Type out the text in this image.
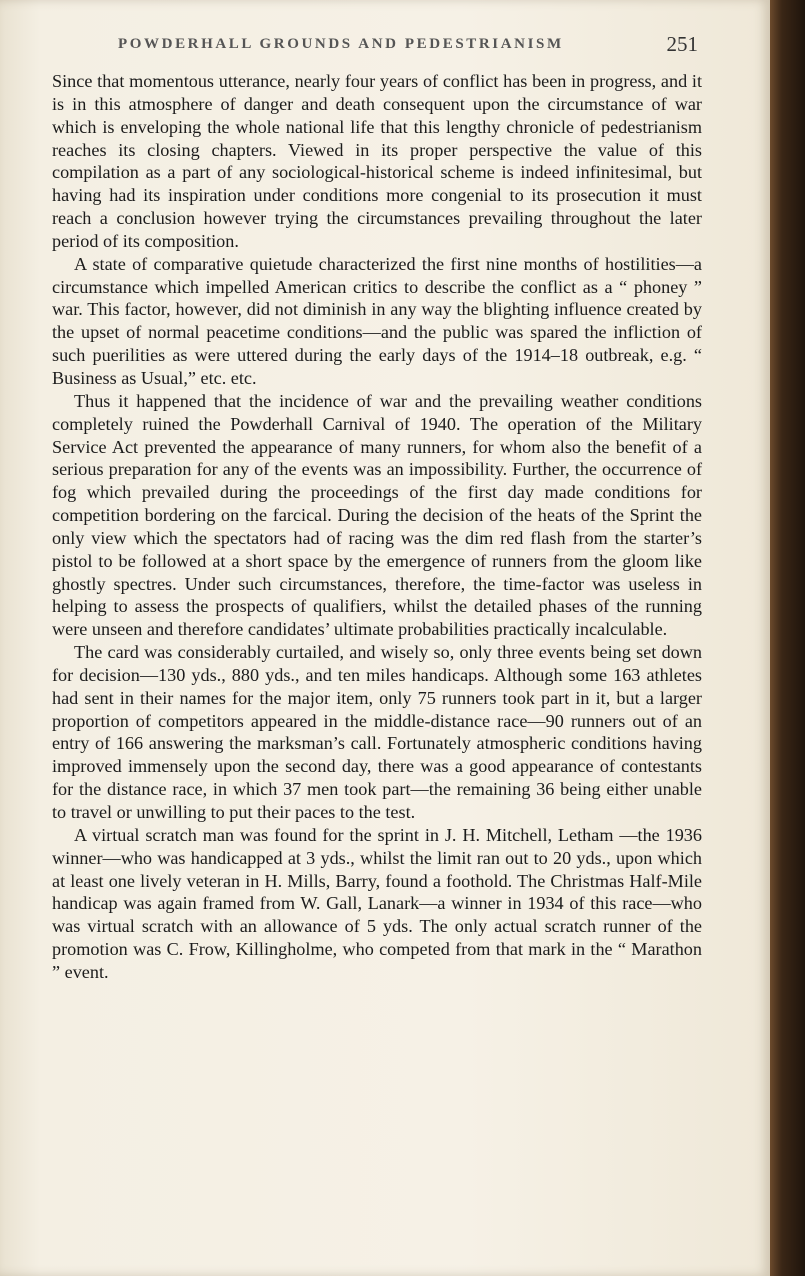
POWDERHALL GROUNDS AND PEDESTRIANISM	251

Since that momentous utterance, nearly four years of conflict has been in progress, and it is in this atmosphere of danger and death consequent upon the circumstance of war which is enveloping the whole national life that this lengthy chronicle of pedestrianism reaches its closing chapters. Viewed in its proper perspective the value of this compilation as a part of any sociological-historical scheme is indeed infinitesimal, but having had its inspiration under conditions more congenial to its prosecution it must reach a conclusion however trying the circumstances prevailing throughout the later period of its composition.

A state of comparative quietude characterized the first nine months of hostilities—a circumstance which impelled American critics to describe the conflict as a “ phoney ” war. This factor, however, did not diminish in any way the blighting influence created by the upset of normal peacetime conditions—and the public was spared the infliction of such puerilities as were uttered during the early days of the 1914–18 outbreak, e.g. “ Business as Usual,” etc. etc.

Thus it happened that the incidence of war and the prevailing weather conditions completely ruined the Powderhall Carnival of 1940. The operation of the Military Service Act prevented the appearance of many runners, for whom also the benefit of a serious preparation for any of the events was an impossibility. Further, the occurrence of fog which prevailed during the proceedings of the first day made conditions for competition bordering on the farcical. During the decision of the heats of the Sprint the only view which the spectators had of racing was the dim red flash from the starter’s pistol to be followed at a short space by the emergence of runners from the gloom like ghostly spectres. Under such circumstances, therefore, the time-factor was useless in helping to assess the prospects of qualifiers, whilst the detailed phases of the running were unseen and therefore candidates’ ultimate probabilities practically incalculable.

The card was considerably curtailed, and wisely so, only three events being set down for decision—130 yds., 880 yds., and ten miles handicaps. Although some 163 athletes had sent in their names for the major item, only 75 runners took part in it, but a larger proportion of competitors appeared in the middle-distance race—90 runners out of an entry of 166 answering the marksman’s call. Fortunately atmospheric conditions having improved immensely upon the second day, there was a good appearance of contestants for the distance race, in which 37 men took part—the remaining 36 being either unable to travel or unwilling to put their paces to the test.

A virtual scratch man was found for the sprint in J. H. Mitchell, Letham —the 1936 winner—who was handicapped at 3 yds., whilst the limit ran out to 20 yds., upon which at least one lively veteran in H. Mills, Barry, found a foothold. The Christmas Half-Mile handicap was again framed from W. Gall, Lanark—a winner in 1934 of this race—who was virtual scratch with an allowance of 5 yds. The only actual scratch runner of the promotion was C. Frow, Killingholme, who competed from that mark in the “ Marathon ” event.
